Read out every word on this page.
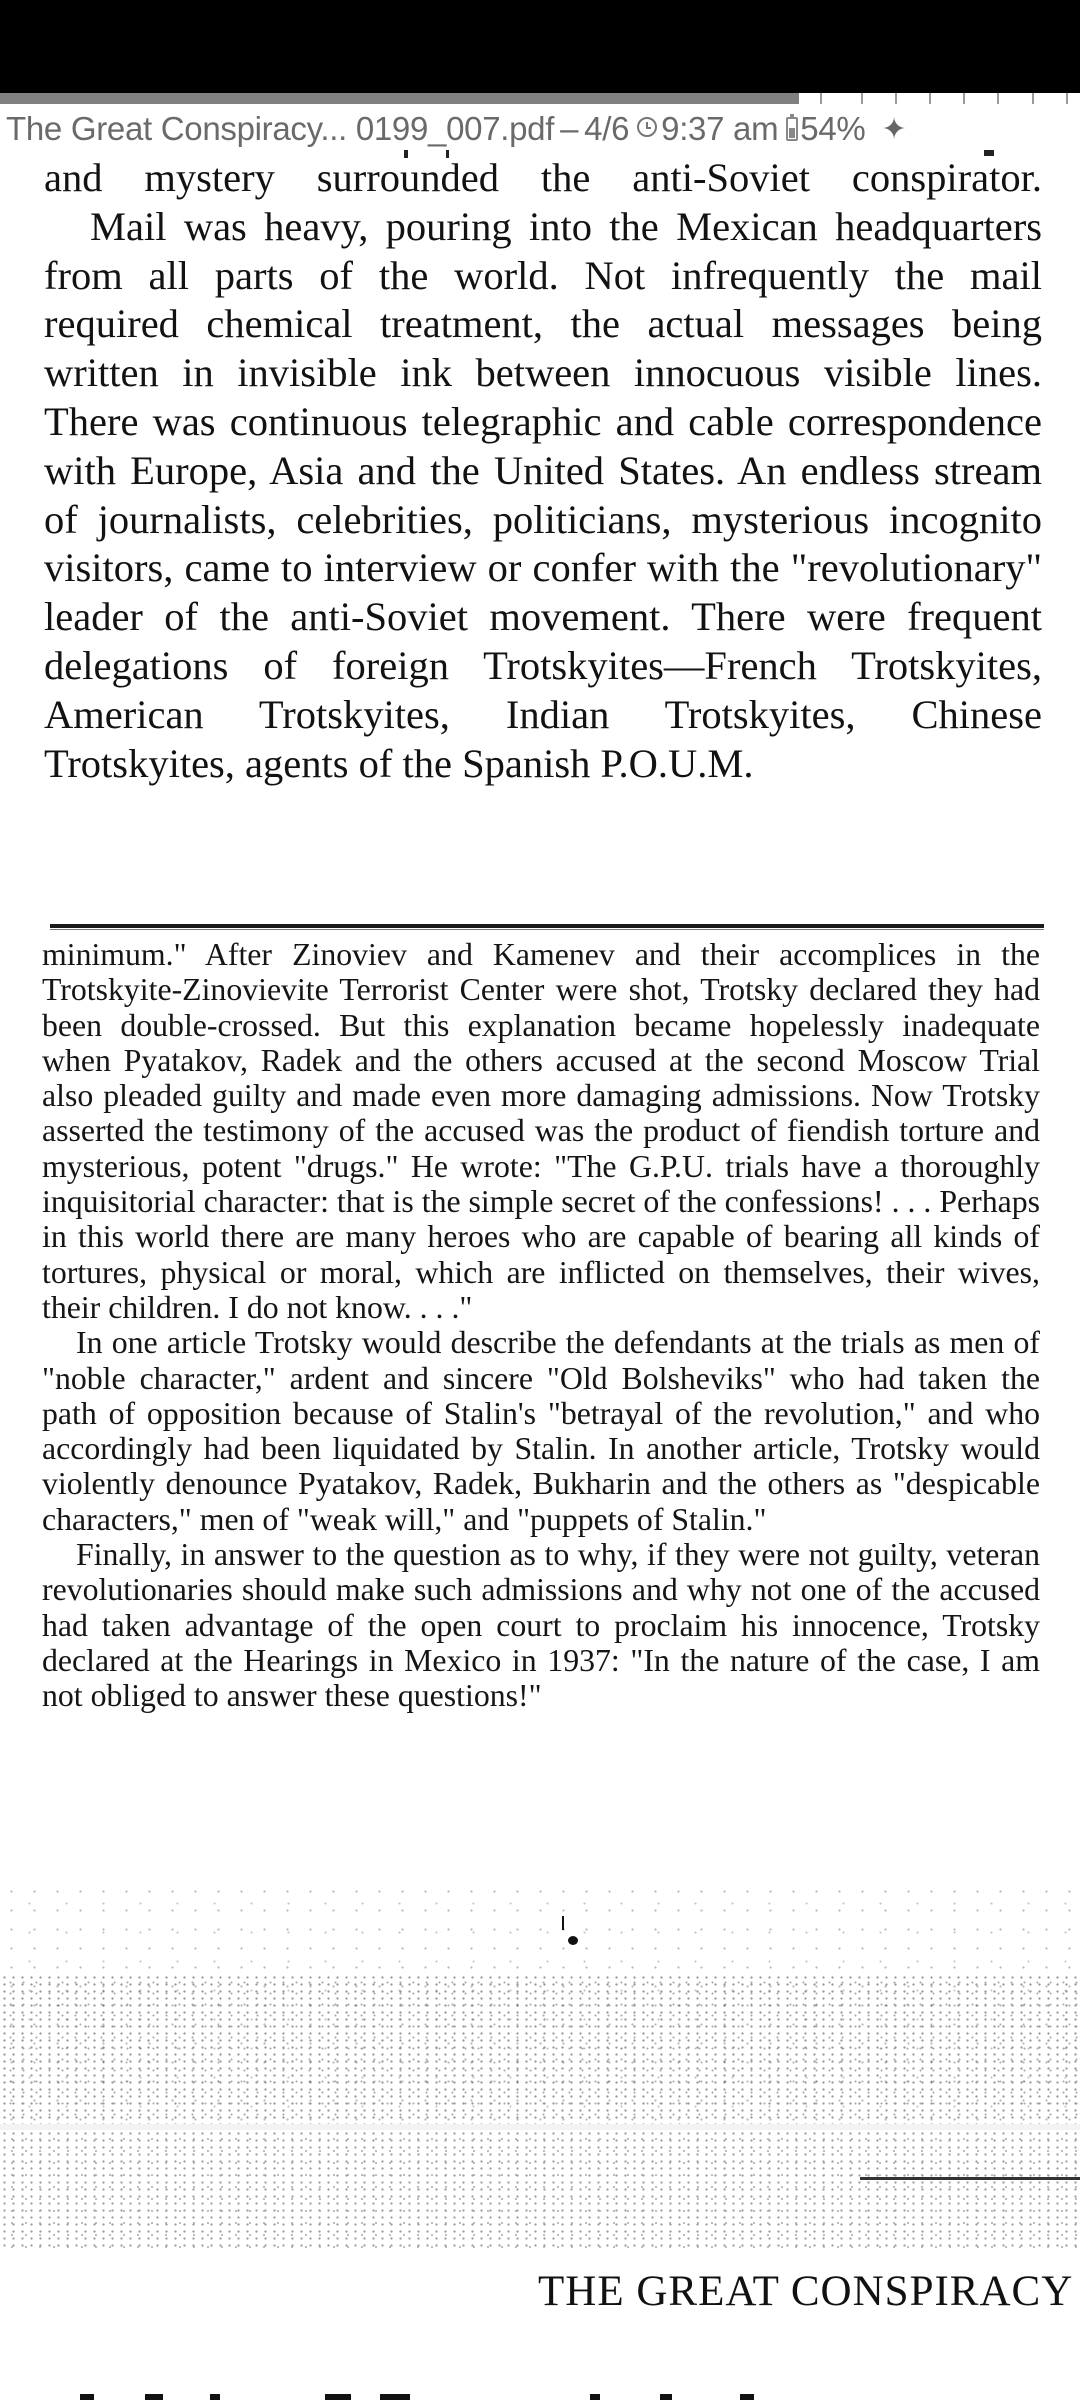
The Great Conspiracy... 0199_007.pdf – 4/6 9:37 am 54% ✦

and mystery surrounded the anti-Soviet conspirator.

Mail was heavy, pouring into the Mexican headquarters from all parts of the world. Not infrequently the mail required chemical treatment, the actual messages being written in invisible ink between innocuous visible lines. There was continuous telegraphic and cable correspondence with Europe, Asia and the United States. An endless stream of journalists, celebrities, politicians, mysterious incognito visitors, came to interview or confer with the "revolutionary" leader of the anti-Soviet movement. There were frequent delegations of foreign Trotskyites—French Trotskyites, American Trotskyites, Indian Trotskyites, Chinese Trotskyites, agents of the Spanish P.O.U.M.

minimum." After Zinoviev and Kamenev and their accomplices in the Trotskyite-Zinovievite Terrorist Center were shot, Trotsky declared they had been double-crossed. But this explanation became hopelessly inadequate when Pyatakov, Radek and the others accused at the second Moscow Trial also pleaded guilty and made even more damaging admissions. Now Trotsky asserted the testimony of the accused was the product of fiendish torture and mysterious, potent "drugs." He wrote: "The G.P.U. trials have a thoroughly inquisitorial character: that is the simple secret of the confessions! . . . Perhaps in this world there are many heroes who are capable of bearing all kinds of tortures, physical or moral, which are inflicted on themselves, their wives, their children. I do not know. . . ."

In one article Trotsky would describe the defendants at the trials as men of "noble character," ardent and sincere "Old Bolsheviks" who had taken the path of opposition because of Stalin's "betrayal of the revolution," and who accordingly had been liquidated by Stalin. In another article, Trotsky would violently denounce Pyatakov, Radek, Bukharin and the others as "despicable characters," men of "weak will," and "puppets of Stalin."

Finally, in answer to the question as to why, if they were not guilty, veteran revolutionaries should make such admissions and why not one of the accused had taken advantage of the open court to proclaim his innocence, Trotsky declared at the Hearings in Mexico in 1937: "In the nature of the case, I am not obliged to answer these questions!"

THE GREAT CONSPIRACY
